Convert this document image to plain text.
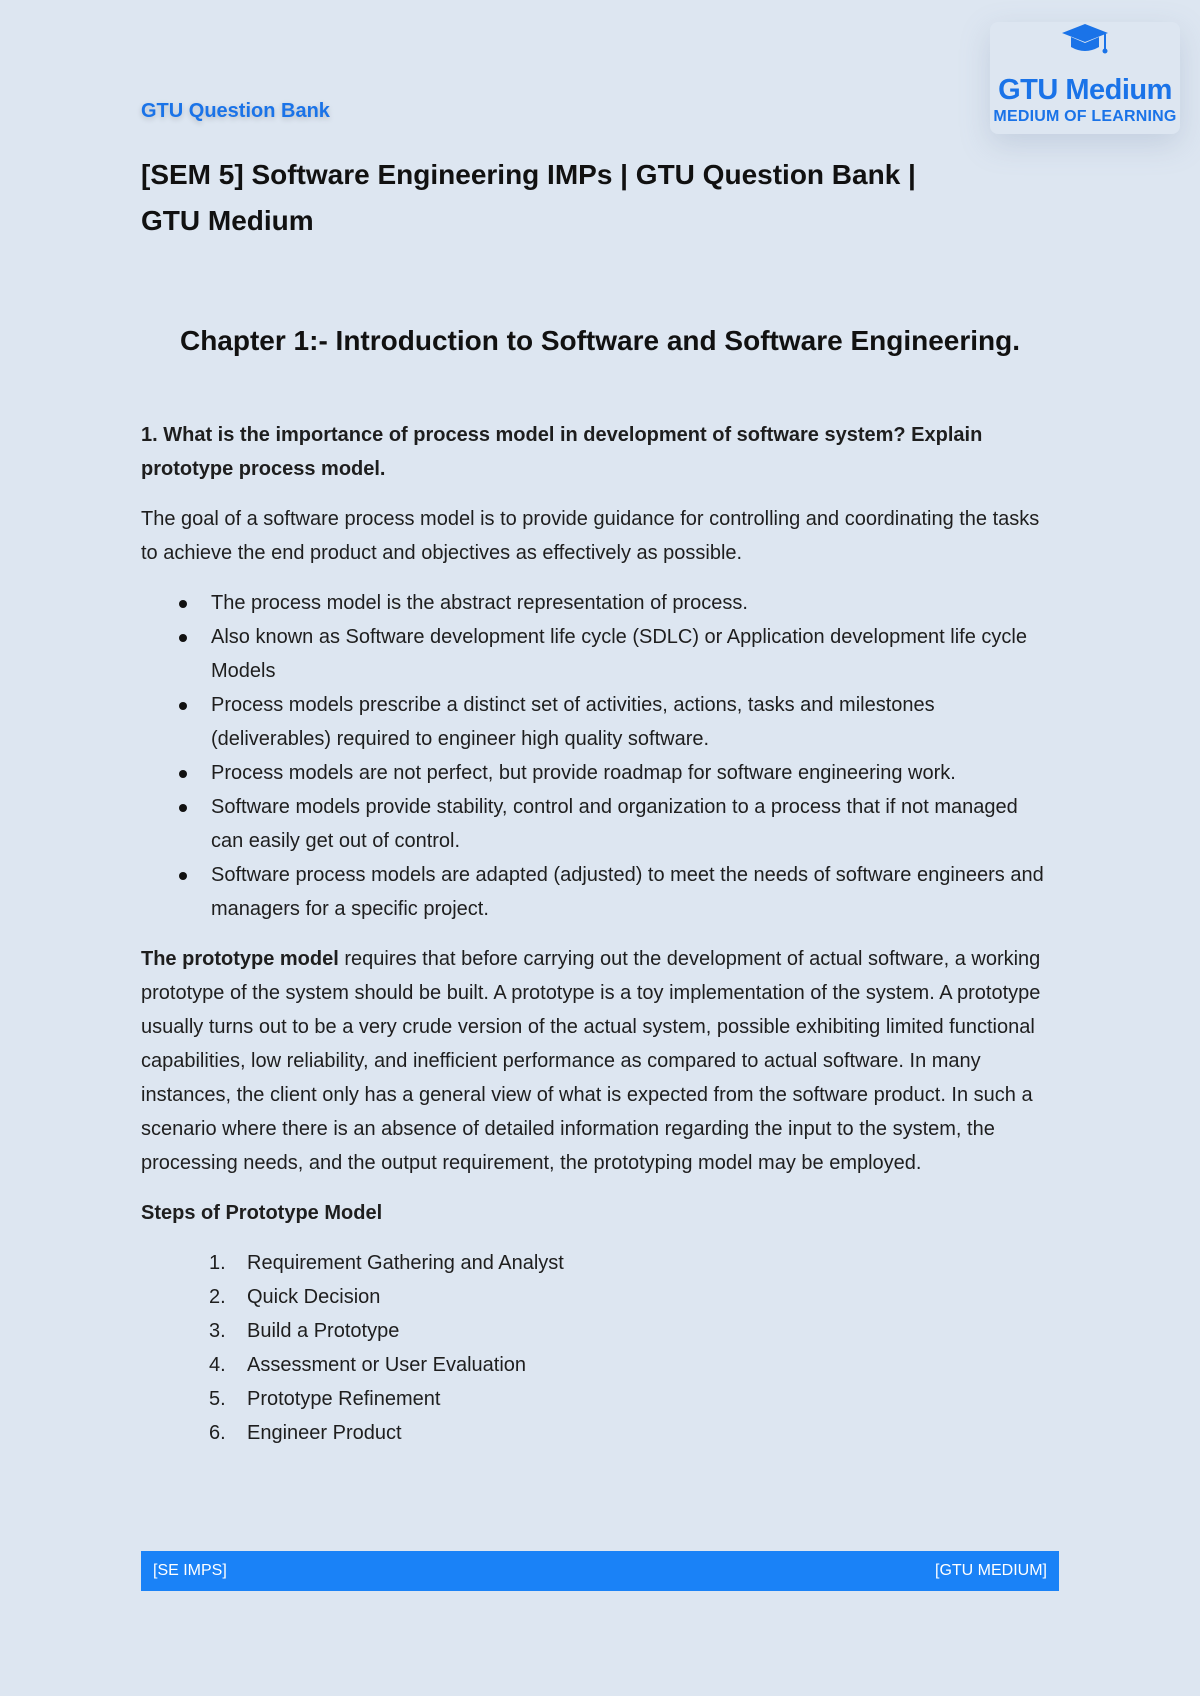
GTU Question Bank
GTU Medium
MEDIUM OF LEARNING
[SEM 5] Software Engineering IMPs | GTU Question Bank | GTU Medium
Chapter 1:- Introduction to Software and Software Engineering.

1. What is the importance of process model in development of software system? Explain prototype process model.

The goal of a software process model is to provide guidance for controlling and coordinating the tasks to achieve the end product and objectives as effectively as possible.

The process model is the abstract representation of process.
Also known as Software development life cycle (SDLC) or Application development life cycle Models
Process models prescribe a distinct set of activities, actions, tasks and milestones (deliverables) required to engineer high quality software.
Process models are not perfect, but provide roadmap for software engineering work.
Software models provide stability, control and organization to a process that if not managed can easily get out of control.
Software process models are adapted (adjusted) to meet the needs of software engineers and managers for a specific project.

The prototype model requires that before carrying out the development of actual software, a working prototype of the system should be built. A prototype is a toy implementation of the system. A prototype usually turns out to be a very crude version of the actual system, possible exhibiting limited functional capabilities, low reliability, and inefficient performance as compared to actual software. In many instances, the client only has a general view of what is expected from the software product. In such a scenario where there is an absence of detailed information regarding the input to the system, the processing needs, and the output requirement, the prototyping model may be employed.

Steps of Prototype Model

1. Requirement Gathering and Analyst
2. Quick Decision
3. Build a Prototype
4. Assessment or User Evaluation
5. Prototype Refinement
6. Engineer Product
[SE IMPS]	[GTU MEDIUM]
